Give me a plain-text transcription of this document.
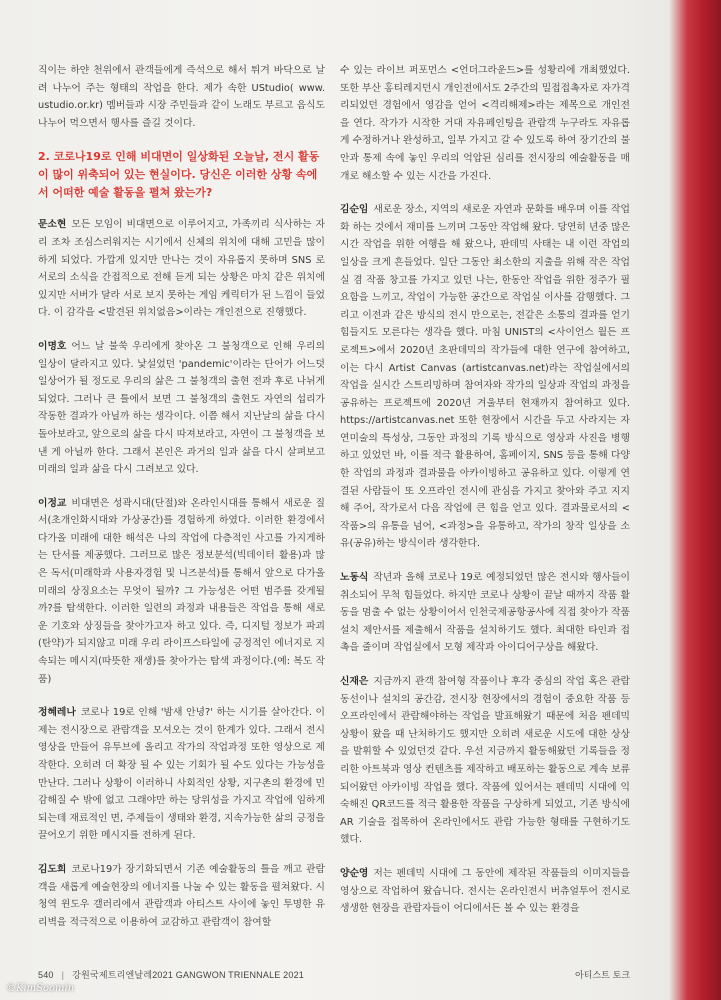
직이는 하얀 천위에서 관객들에게 즉석으로 해서 튀겨 바닥으로 날려 나누어 주는 형태의 작업을 한다. 제가 속한 UStudio( www. ustudio.or.kr) 멤버들과 시장 주민들과 같이 노래도 부르고 음식도 나누어 먹으면서 행사를 즐길 것이다.

2. 코로나19로 인해 비대면이 일상화된 오늘날, 전시 활동이 많이 위축되어 있는 현실이다. 당신은 이러한 상황 속에서 어떠한 예술 활동을 펼쳐 왔는가?

문소현 모든 모임이 비대면으로 이루어지고, 가족끼리 식사하는 자리 조차 조심스러워지는 시기에서 신체의 위치에 대해 고민을 많이 하게 되었다. 가깝게 있지만 만나는 것이 자유롭지 못하며 SNS 로 서로의 소식을 간접적으로 전해 듣게 되는 상황은 마치 같은 위치에 있지만 서버가 달라 서로 보지 못하는 게임 케릭터가 된 느낌이 들었다. 이 감각을 <발견된 위치없음>이라는 개인전으로 진행했다.

이명호 어느 날 불쑥 우리에게 찾아온 그 불청객으로 인해 우리의 일상이 달라지고 있다. 낯설었던 'pandemic'이라는 단어가 어느덧 일상어가 될 정도로 우리의 삶은 그 불청객의 출현 전과 후로 나뉘게 되었다. 그러나 큰 틀에서 보면 그 불청객의 출현도 자연의 섭리가 작동한 결과가 아닐까 하는 생각이다. 이쯤 해서 지난날의 삶을 다시 돌아보라고, 앞으로의 삶을 다시 따져보라고, 자연이 그 불청객을 보낸 게 아닐까 한다. 그래서 본인은 과거의 일과 삶을 다시 살펴보고 미래의 일과 삶을 다시 그려보고 있다.

이정교 비대면은 성곽시대(단절)와 온라인시대를 통해서 새로운 질서(초개인화시대와 가상공간)를 경험하게 하였다. 이러한 환경에서 다가올 미래에 대한 해석은 나의 작업에 다층적인 사고를 가지게하는 단서를 제공했다. 그러므로 많은 정보분석(빅데이터 활용)과 많은 독서(미래학과 사용자경험 및 니즈분석)를 통해서 앞으로 다가올 미래의 상징요소는 무엇이 될까? 그 가능성은 어떤 범주를 갖게될까?를 탐색한다. 이러한 일련의 과정과 내용들은 작업을 통해 새로운 기호와 상징들을 찾아가고자 하고 있다. 즉, 디지털 정보가 파괴(탄약)가 되지않고 미래 우리 라이프스타일에 긍정적인 에너지로 지속되는 메시지(따뜻한 재생)를 찾아가는 탐색 과정이다.(예: 복도 작품)

정혜레나 코로나 19로 인해 '밤새 안녕?' 하는 시기를 살아간다. 이제는 전시장으로 관람객을 모셔오는 것이 한계가 있다. 그래서 전시영상을 만들어 유투브에 올리고 작가의 작업과정 또한 영상으로 제작한다. 오히려 더 확장 될 수 있는 기회가 될 수도 있다는 가능성을 만난다. 그러나 상황이 이러하니 사회적인 상황, 지구촌의 환경에 민감해질 수 밖에 없고 그래야만 하는 당위성을 가지고 작업에 임하게 되는데 재료적인 면, 주제들이 생태와 환경, 지속가능한 삶의 긍정을 끌어오기 위한 메시지를 전하게 된다.

김도희 코로나19가 장기화되면서 기존 예술활동의 틀을 깨고 관람객을 새롭게 예술현장의 에너지를 나눌 수 있는 활동을 펼쳐왔다. 시청역 윈도우 갤러리에서 관람객과 아티스트 사이에 놓인 투명한 유리벽을 적극적으로 이용하여 교감하고 관람객이 참여할

수 있는 라이브 퍼포먼스 <언더그라운드>를 성황리에 개최했었다. 또한 부산 홍티레지던시 개인전에서도 2주간의 밀접접촉자로 자가격리되었던 경험에서 영감을 얻어 <격리해제>라는 제목으로 개인전을 연다. 작가가 시작한 거대 자유페인팅을 관람객 누구라도 자유롭게 수정하거나 완성하고, 일부 가지고 갈 수 있도록 하여 장기간의 불안과 통제 속에 놓인 우리의 억압된 심리를 전시장의 예술활동을 매개로 해소할 수 있는 시간을 가진다.

김순임 새로운 장소, 지역의 새로운 자연과 문화를 배우며 이를 작업화 하는 것에서 재미를 느끼며 그동안 작업해 왔다. 당연히 년중 많은 시간 작업을 위한 여행을 해 왔으나, 판데믹 사태는 내 이런 작업의 일상을 크게 흔들었다. 일단 그동안 최소한의 지출을 위해 작은 작업실 겸 작품 창고를 가지고 있던 나는, 한동안 작업을 위한 정주가 필요함을 느끼고, 작업이 가능한 공간으로 작업실 이사를 감행했다. 그리고 이전과 같은 방식의 전시 만으로는, 전같은 소통의 결과를 얻기 힘들지도 모른다는 생각을 했다. 마침 UNIST의 <사이언스 월든 프로젝트>에서 2020년 초판데믹의 작가들에 대한 연구에 참여하고, 이는 다시 Artist Canvas (artistcanvas.net)라는 작업실에서의 작업을 실시간 스트리밍하며 참여자와 작가의 일상과 작업의 과정을 공유하는 프로젝트에 2020년 겨울부터 현재까지 참여하고 있다. https://artistcanvas.net 또한 현장에서 시간을 두고 사라지는 자연미술의 특성상, 그동안 과정의 기록 방식으로 영상과 사진을 병행하고 있었던 바, 이를 적극 활용하여, 홈페이지, SNS 등을 통해 다양한 작업의 과정과 결과물을 아카이빙하고 공유하고 있다. 이렇게 연결된 사람들이 또 오프라인 전시에 관심을 가지고 찾아와 주고 지지해 주어, 작가로서 다음 작업에 큰 힘을 얻고 있다. 결과물로서의 <작품>의 유통을 넘어, <과정>을 유통하고, 작가의 창작 일상을 소유(공유)하는 방식이라 생각한다.

노동식 작년과 올해 코로나 19로 예정되었던 많은 전시와 행사들이 취소되어 무척 힘들었다. 하지만 코로나 상황이 끝날 때까지 작품 활동을 멈출 수 없는 상황이어서 인천국제공항공사에 직접 찾아가 작품설치 제안서를 제출해서 작품을 설치하기도 했다. 최대한 타인과 접촉을 줄이며 작업실에서 모형 제작과 아이디어구상을 해왔다.

신재은 지금까지 관객 참여형 작품이나 후각 중심의 작업 혹은 관람 동선이나 설치의 공간감, 전시장 현장에서의 경험이 중요한 작품 등 오프라인에서 관람해야하는 작업을 발표해왔기 때문에 처음 펜데믹 상황이 왔을 때 난처하기도 했지만 오히려 새로운 시도에 대한 상상을 발휘할 수 있었던것 같다. 우선 지금까지 활동해왔던 기록들을 정리한 아트북과 영상 컨텐츠를 제작하고 배포하는 활동으로 계속 보류되어왔던 아카이빙 작업을 했다. 작품에 있어서는 펜데믹 시대에 익숙해진 QR코드를 적극 활용한 작품을 구상하게 되었고, 기존 방식에 AR 기술을 접목하여 온라인에서도 관람 가능한 형태를 구현하기도 했다.

양순영 저는 펜데믹 시대에 그 동안에 제작된 작품들의 이미지들을 영상으로 작업하여 왔습니다. 전시는 온라인전시 버츄얼투어 전시로 생생한 현장을 관람자들이 어디에서든 볼 수 있는 환경을

540 | 강원국제트리엔날레2021 GANGWON TRIENNALE 2021	아티스트 토크
©KimSoomin
